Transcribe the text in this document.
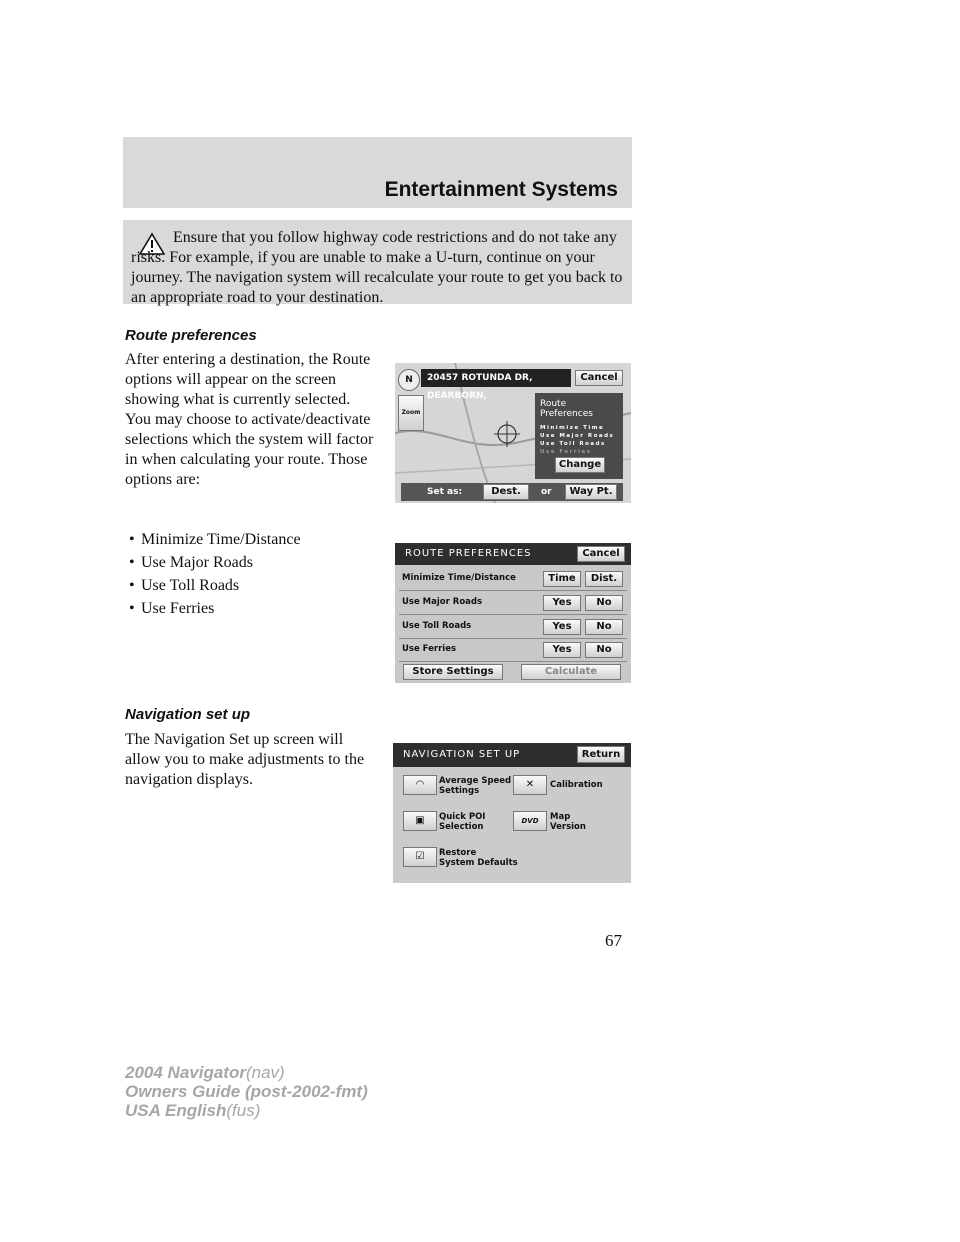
Entertainment Systems
Ensure that you follow highway code restrictions and do not take any risks. For example, if you are unable to make a U-turn, continue on your journey. The navigation system will recalculate your route to get you back to an appropriate road to your destination.
Route preferences
After entering a destination, the Route options will appear on the screen showing what is currently selected. You may choose to activate/deactivate selections which the system will factor in when calculating your route. Those options are:
• Minimize Time/Distance
• Use Major Roads
• Use Toll Roads
• Use Ferries
N	20457 ROTUNDA DR, DEARBORN,
Cancel
Zoom
Route
Preferences
Minimize Time
Use Major Roads
Use Toll Roads
Use Ferries
Change
Set as:	Dest.	or	Way Pt.
ROUTE PREFERENCES	Cancel
Minimize Time/Distance	Time	Dist.
Use Major Roads	Yes	No
Use Toll Roads	Yes	No
Use Ferries	Yes	No
Store Settings	Calculate
Navigation set up
The Navigation Set up screen will allow you to make adjustments to the navigation displays.
NAVIGATION SET UP	Return
◠	Average Speed
Settings
✕	Calibration
▣	Quick POI
Selection
DVD	Map
Version
☑	Restore
System Defaults
67
2004 Navigator(nav)
Owners Guide (post-2002-fmt)
USA English(fus)
